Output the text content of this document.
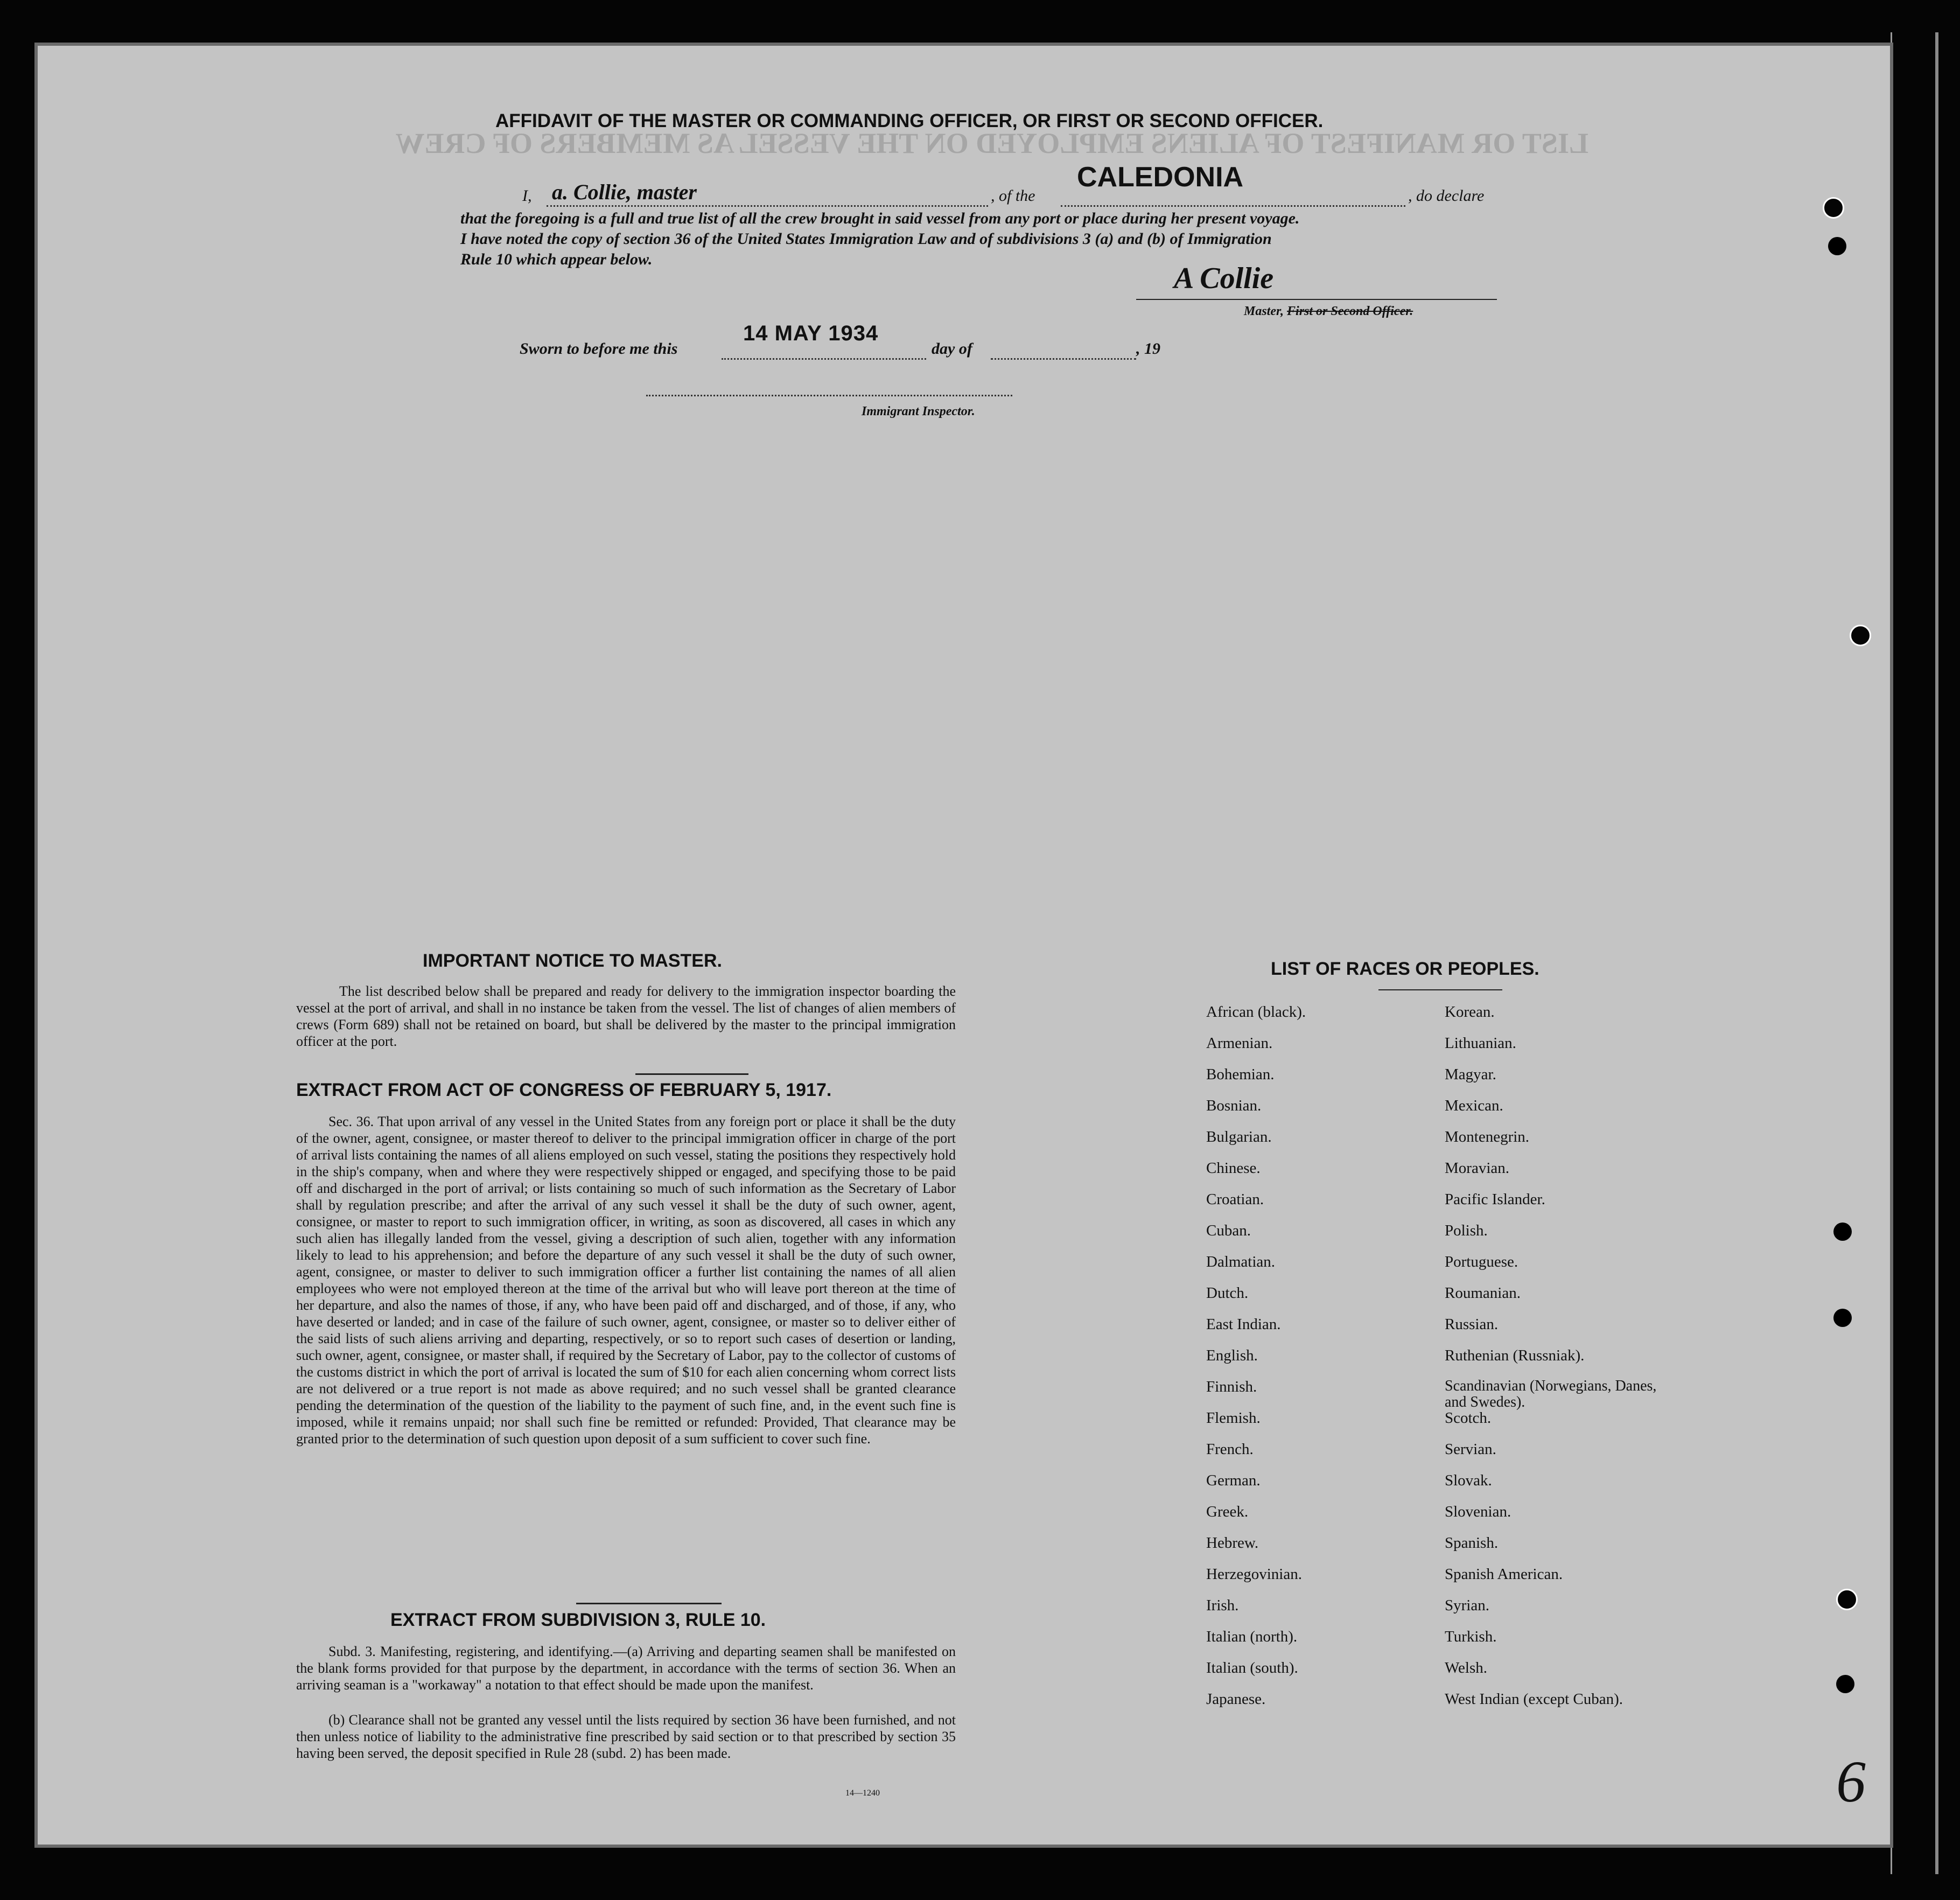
LIST OR MANIFEST OF ALIENS EMPLOYED ON THE VESSEL AS MEMBERS OF CREW
AFFIDAVIT OF THE MASTER OR COMMANDING OFFICER, OR FIRST OR SECOND OFFICER.
I, a. Collie, master	, of the
CALEDONIA
, do declare
that the foregoing is a full and true list of all the crew brought in said vessel from any port or place during her present voyage.
I have noted the copy of section 36 of the United States Immigration Law and of subdivisions 3 (a) and (b) of Immigration
Rule 10 which appear below.
A Collie
Master, First or Second Officer.
Sworn to before me this
14 MAY 1934
day of	, 19
Immigrant Inspector.
IMPORTANT NOTICE TO MASTER.
The list described below shall be prepared and ready for delivery to the immigration inspector boarding the vessel at the port of arrival, and shall in no instance be taken from the vessel. The list of changes of alien members of crews (Form 689) shall not be retained on board, but shall be delivered by the master to the principal immigration officer at the port.
EXTRACT FROM ACT OF CONGRESS OF FEBRUARY 5, 1917.
Sec. 36. That upon arrival of any vessel in the United States from any foreign port or place it shall be the duty of the owner, agent, consignee, or master thereof to deliver to the principal immigration officer in charge of the port of arrival lists containing the names of all aliens employed on such vessel, stating the positions they respectively hold in the ship's company, when and where they were respectively shipped or engaged, and specifying those to be paid off and discharged in the port of arrival; or lists containing so much of such information as the Secretary of Labor shall by regulation prescribe; and after the arrival of any such vessel it shall be the duty of such owner, agent, consignee, or master to report to such immigration officer, in writing, as soon as discovered, all cases in which any such alien has illegally landed from the vessel, giving a description of such alien, together with any information likely to lead to his apprehension; and before the departure of any such vessel it shall be the duty of such owner, agent, consignee, or master to deliver to such immigration officer a further list containing the names of all alien employees who were not employed thereon at the time of the arrival but who will leave port thereon at the time of her departure, and also the names of those, if any, who have been paid off and discharged, and of those, if any, who have deserted or landed; and in case of the failure of such owner, agent, consignee, or master so to deliver either of the said lists of such aliens arriving and departing, respectively, or so to report such cases of desertion or landing, such owner, agent, consignee, or master shall, if required by the Secretary of Labor, pay to the collector of customs of the customs district in which the port of arrival is located the sum of $10 for each alien concerning whom correct lists are not delivered or a true report is not made as above required; and no such vessel shall be granted clearance pending the determination of the question of the liability to the payment of such fine, and, in the event such fine is imposed, while it remains unpaid; nor shall such fine be remitted or refunded: Provided, That clearance may be granted prior to the determination of such question upon deposit of a sum sufficient to cover such fine.
EXTRACT FROM SUBDIVISION 3, RULE 10.
Subd. 3. Manifesting, registering, and identifying.—(a) Arriving and departing seamen shall be manifested on the blank forms provided for that purpose by the department, in accordance with the terms of section 36. When an arriving seaman is a "workaway" a notation to that effect should be made upon the manifest.
(b) Clearance shall not be granted any vessel until the lists required by section 36 have been furnished, and not then unless notice of liability to the administrative fine prescribed by said section or to that prescribed by section 35 having been served, the deposit specified in Rule 28 (subd. 2) has been made.
14—1240
LIST OF RACES OR PEOPLES.
African (black).
Armenian.
Bohemian.
Bosnian.
Bulgarian.
Chinese.
Croatian.
Cuban.
Dalmatian.
Dutch.
East Indian.
English.
Finnish.
Flemish.
French.
German.
Greek.
Hebrew.
Herzegovinian.
Irish.
Italian (north).
Italian (south).
Japanese.
Korean.
Lithuanian.
Magyar.
Mexican.
Montenegrin.
Moravian.
Pacific Islander.
Polish.
Portuguese.
Roumanian.
Russian.
Ruthenian (Russniak).
Scandinavian (Norwegians, Danes, and Swedes).
Scotch.
Servian.
Slovak.
Slovenian.
Spanish.
Spanish American.
Syrian.
Turkish.
Welsh.
West Indian (except Cuban).
6
